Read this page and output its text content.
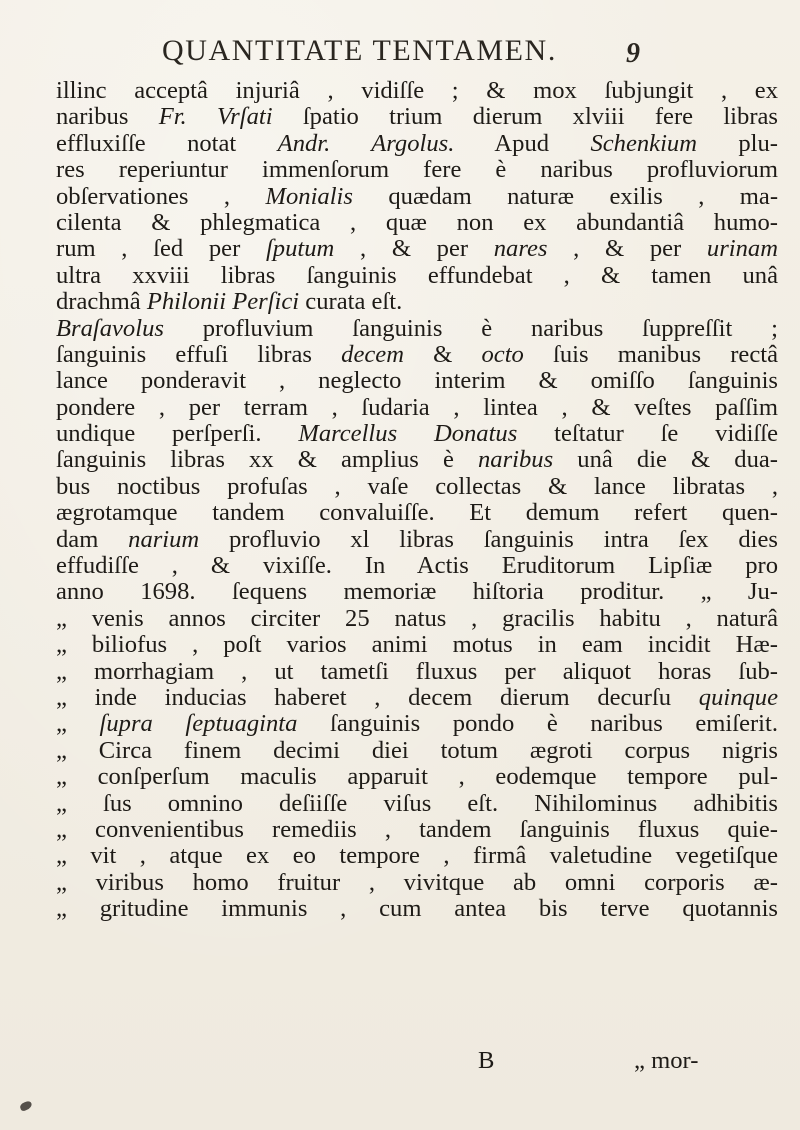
QUANTITATE TENTAMEN. 9
illinc acceptâ injuriâ , vidiſſe ; & mox ſubjungit , ex
naribus Fr. Vrſati ſpatio trium dierum xlviii fere libras
effluxiſſe notat Andr. Argolus. Apud Schenkium plu-
res reperiuntur immenſorum fere è naribus profluviorum
obſervationes , Monialis quædam naturæ exilis , ma-
cilenta & phlegmatica , quæ non ex abundantiâ humo-
rum , ſed per ſputum , & per nares , & per urinam
ultra xxviii libras ſanguinis effundebat , & tamen unâ
drachmâ Philonii Perſici curata eſt.
Braſavolus profluvium ſanguinis è naribus ſuppreſſit ;
ſanguinis effuſi libras decem & octo ſuis manibus rectâ
lance ponderavit , neglecto interim & omiſſo ſanguinis
pondere , per terram , ſudaria , lintea , & veſtes paſſim
undique perſperſi. Marcellus Donatus teſtatur ſe vidiſſe
ſanguinis libras xx & amplius è naribus unâ die & dua-
bus noctibus profuſas , vaſe collectas & lance libratas ,
ægrotamque tandem convaluiſſe. Et demum refert quen-
dam narium profluvio xl libras ſanguinis intra ſex dies
effudiſſe , & vixiſſe. In Actis Eruditorum Lipſiæ pro
anno 1698. ſequens memoriæ hiſtoria proditur. „ Ju-
„ venis annos circiter 25 natus , gracilis habitu , naturâ
„ biliofus , poſt varios animi motus in eam incidit Hæ-
„ morrhagiam , ut tametſi fluxus per aliquot horas ſub-
„ inde inducias haberet , decem dierum decurſu quinque
„ ſupra ſeptuaginta ſanguinis pondo è naribus emiſerit.
„ Circa finem decimi diei totum ægroti corpus nigris
„ conſperſum maculis apparuit , eodemque tempore pul-
„ ſus omnino deſiiſſe viſus eſt. Nihilominus adhibitis
„ convenientibus remediis , tandem ſanguinis fluxus quie-
„ vit , atque ex eo tempore , firmâ valetudine vegetiſque
„ viribus homo fruitur , vivitque ab omni corporis æ-
„ gritudine immunis , cum antea bis terve quotannis
B	„ mor-
